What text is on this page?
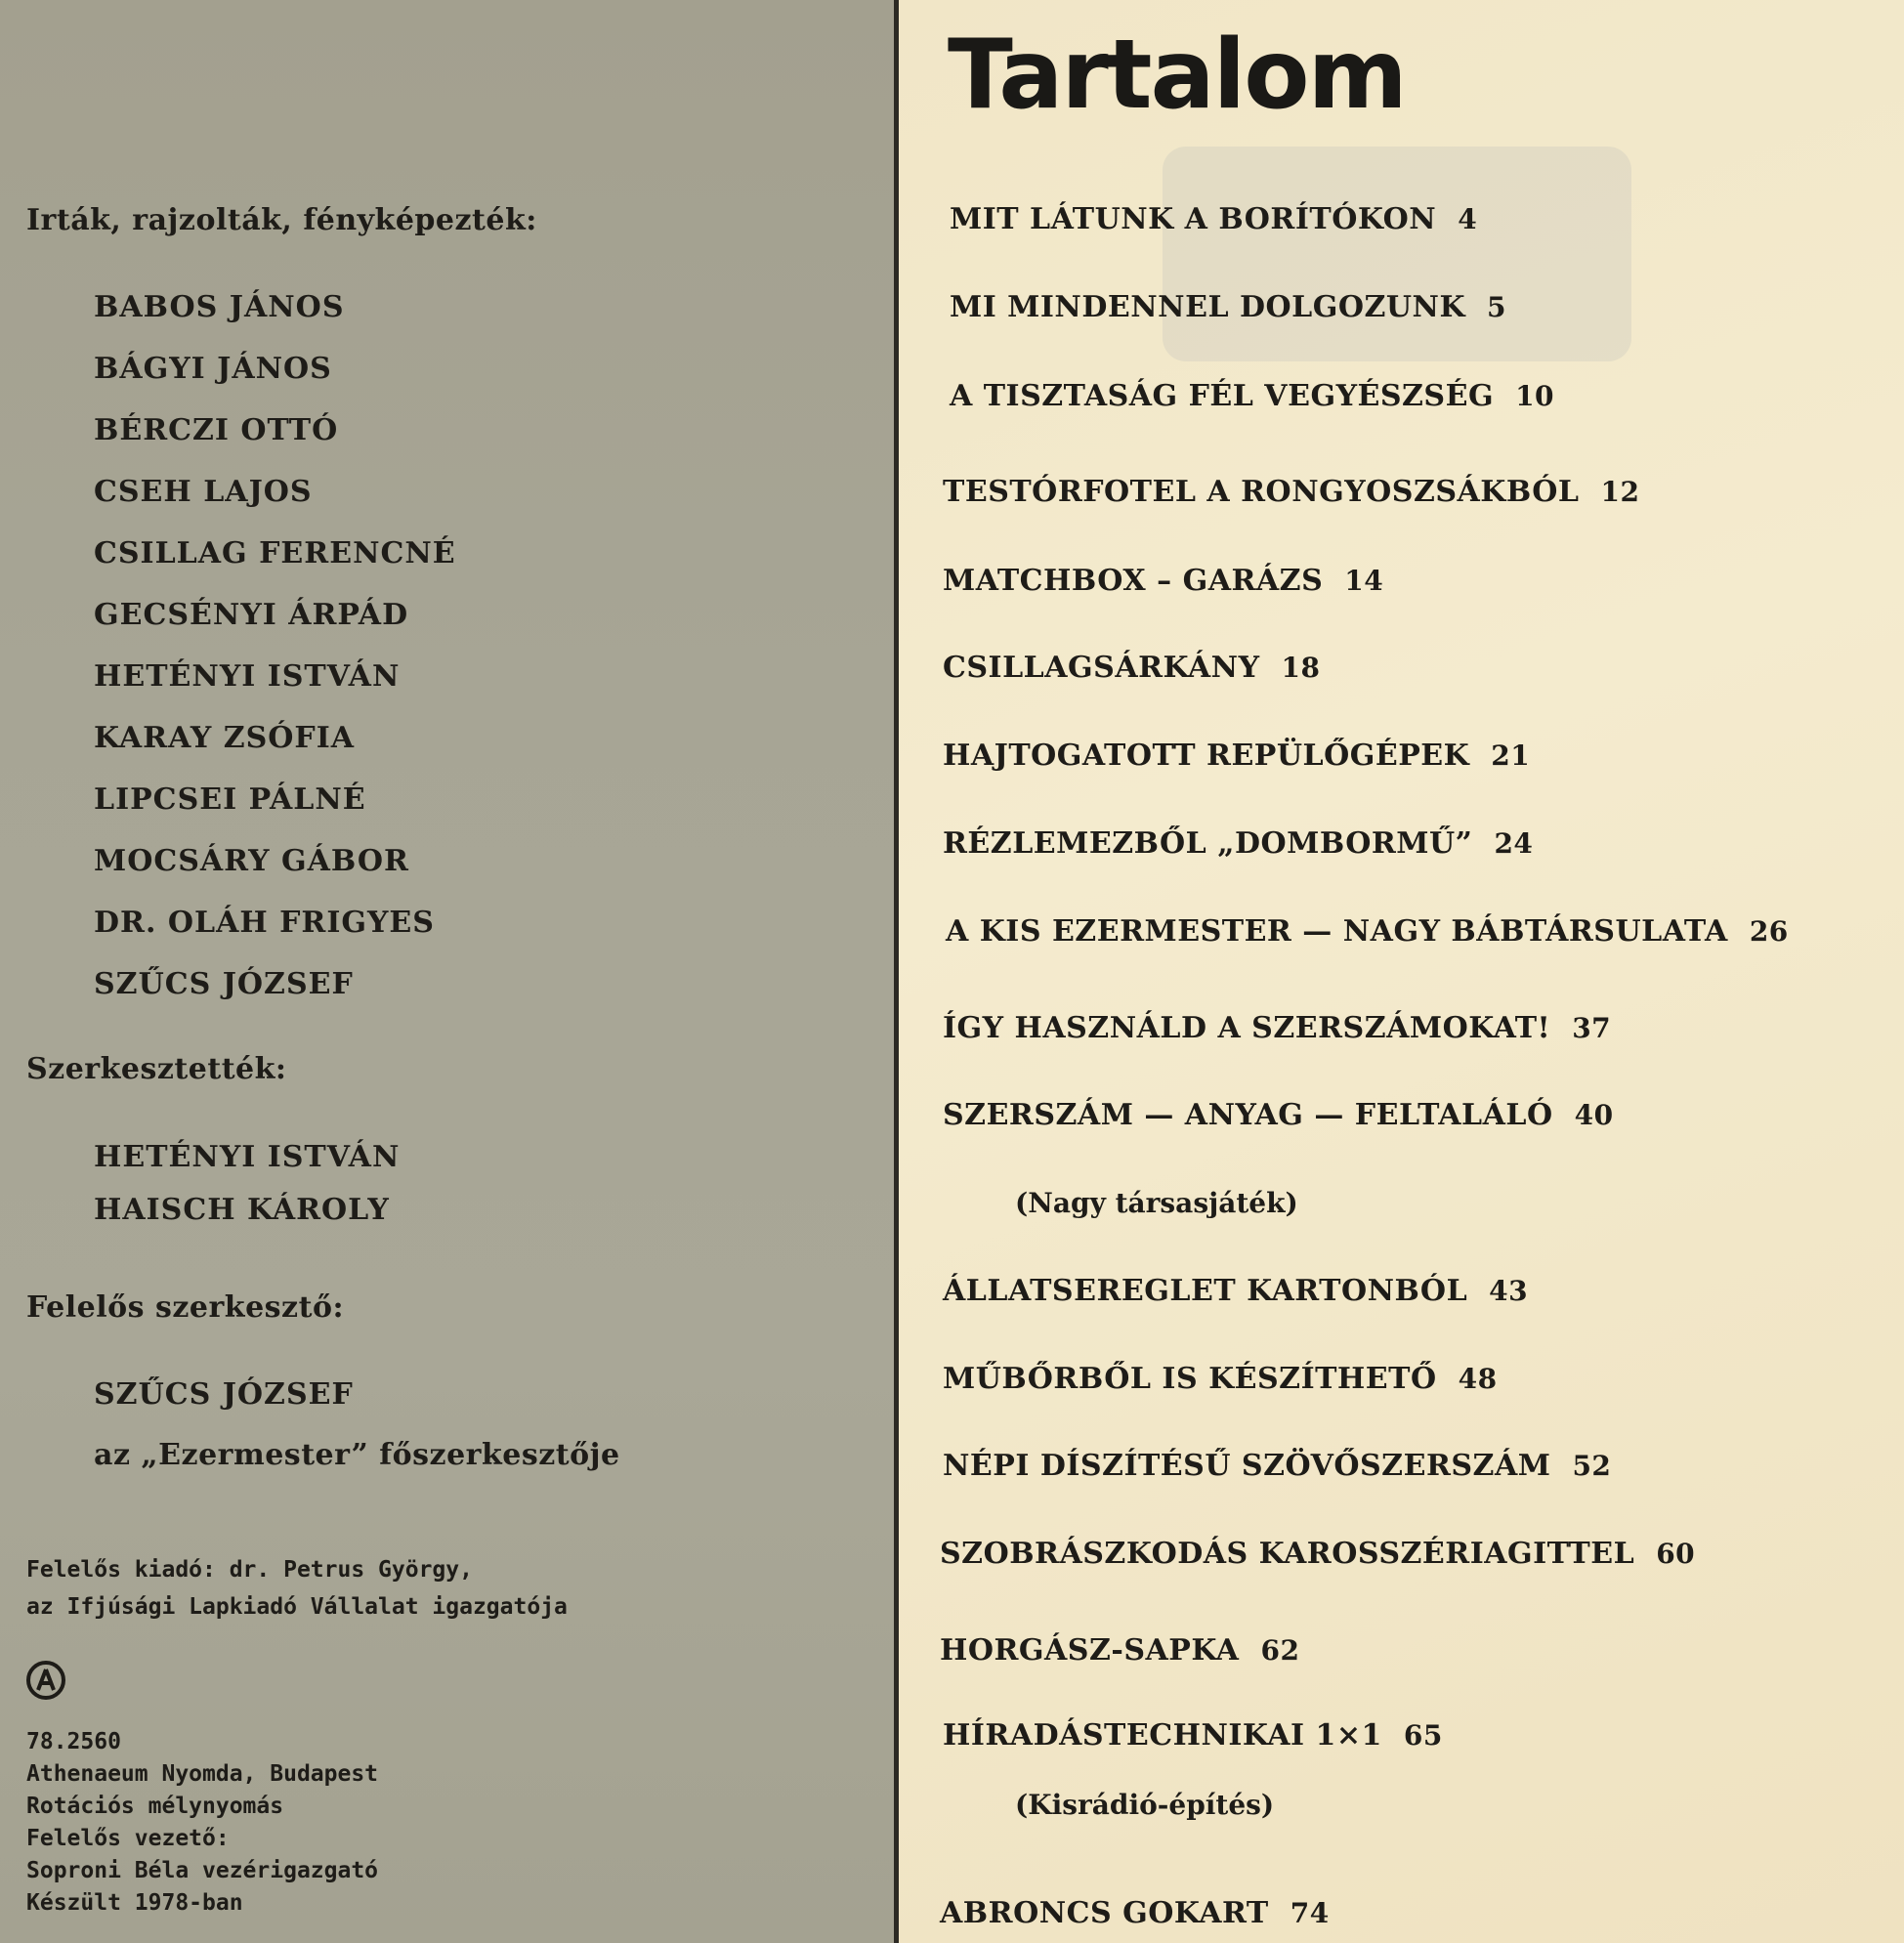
Irták, rajzolták, fényképezték:
BABOS JÁNOS
BÁGYI JÁNOS
BÉRCZI OTTÓ
CSEH LAJOS
CSILLAG FERENCNÉ
GECSÉNYI ÁRPÁD
HETÉNYI ISTVÁN
KARAY ZSÓFIA
LIPCSEI PÁLNÉ
MOCSÁRY GÁBOR
DR. OLÁH FRIGYES
SZŰCS JÓZSEF
Szerkesztették:
HETÉNYI ISTVÁN
HAISCH KÁROLY
Felelős szerkesztő:
SZŰCS JÓZSEF
az „Ezermester” főszerkesztője
Felelős kiadó: dr. Petrus György,
az Ifjúsági Lapkiadó Vállalat igazgatója
78.2560
Athenaeum Nyomda, Budapest
Rotációs mélynyomás
Felelős vezető:
Soproni Béla vezérigazgató
Készült 1978-ban
Tartalom
MIT LÁTUNK A BORÍTÓKON 4
MI MINDENNEL DOLGOZUNK 5
A TISZTASÁG FÉL VEGYÉSZSÉG 10
TESTÓRFOTEL A RONGYOSZSÁKBÓL 12
MATCHBOX – GARÁZS 14
CSILLAGSÁRKÁNY 18
HAJTOGATOTT REPÜLŐGÉPEK 21
RÉZLEMEZBŐL „DOMBORMŰ” 24
A KIS EZERMESTER — NAGY BÁBTÁRSULATA 26
ÍGY HASZNÁLD A SZERSZÁMOKAT! 37
SZERSZÁM — ANYAG — FELTALÁLÓ 40
(Nagy társasjáték)
ÁLLATSEREGLET KARTONBÓL 43
MŰBŐRBŐL IS KÉSZÍTHETŐ 48
NÉPI DÍSZÍTÉSŰ SZÖVŐSZERSZÁM 52
SZOBRÁSZKODÁS KAROSSZÉRIAGITTEL 60
HORGÁSZ-SAPKA 62
HÍRADÁSTECHNIKAI 1×1 65
(Kisrádió-építés)
ABRONCS GOKART 74
